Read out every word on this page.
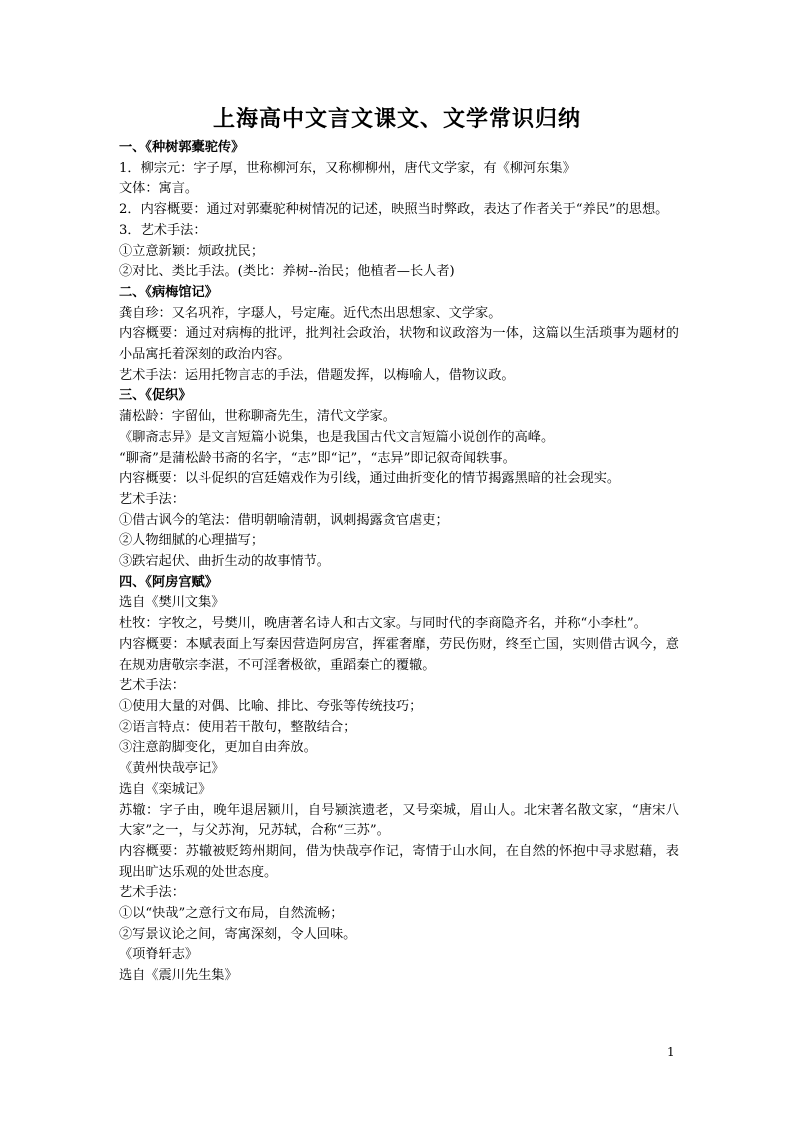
上海高中文言文课文、文学常识归纳
一、《种树郭橐驼传》

1．柳宗元：字子厚，世称柳河东，又称柳柳州，唐代文学家，有《柳河东集》

文体：寓言。

2．内容概要：通过对郭橐驼种树情况的记述，映照当时弊政，表达了作者关于“养民”的思想。

3．艺术手法：

①立意新颖：烦政扰民；

②对比、类比手法。(类比：养树--治民；他植者—长人者)

二、《病梅馆记》

龚自珍：又名巩祚，字璱人，号定庵。近代杰出思想家、文学家。

内容概要：通过对病梅的批评，批判社会政治，状物和议政溶为一体，这篇以生活琐事为题材的小品寓托着深刻的政治内容。

艺术手法：运用托物言志的手法，借题发挥，以梅喻人，借物议政。

三、《促织》

蒲松龄：字留仙，世称聊斋先生，清代文学家。

《聊斋志异》是文言短篇小说集，也是我国古代文言短篇小说创作的高峰。

“聊斋”是蒲松龄书斋的名字，“志”即“记”，“志异”即记叙奇闻轶事。

内容概要：以斗促织的宫廷嬉戏作为引线，通过曲折变化的情节揭露黑暗的社会现实。

艺术手法：

①借古讽今的笔法：借明朝喻清朝，讽刺揭露贪官虐吏；

②人物细腻的心理描写；

③跌宕起伏、曲折生动的故事情节。

四、《阿房宫赋》

选自《樊川文集》

杜牧：字牧之，号樊川，晚唐著名诗人和古文家。与同时代的李商隐齐名，并称“小李杜”。

内容概要：本赋表面上写秦因营造阿房宫，挥霍奢靡，劳民伤财，终至亡国，实则借古讽今，意在规劝唐敬宗李湛，不可淫奢极欲，重蹈秦亡的覆辙。

艺术手法：

①使用大量的对偶、比喻、排比、夸张等传统技巧；

②语言特点：使用若干散句，整散结合；

③注意韵脚变化，更加自由奔放。

《黄州快哉亭记》

选自《栾城记》

苏辙：字子由，晚年退居颍川，自号颍滨遗老，又号栾城，眉山人。北宋著名散文家，“唐宋八大家”之一，与父苏洵，兄苏轼，合称“三苏”。

内容概要：苏辙被贬筠州期间，借为快哉亭作记，寄情于山水间，在自然的怀抱中寻求慰藉，表现出旷达乐观的处世态度。

艺术手法：

①以“快哉”之意行文布局，自然流畅；

②写景议论之间，寄寓深刻，令人回味。

《项脊轩志》

选自《震川先生集》

1
